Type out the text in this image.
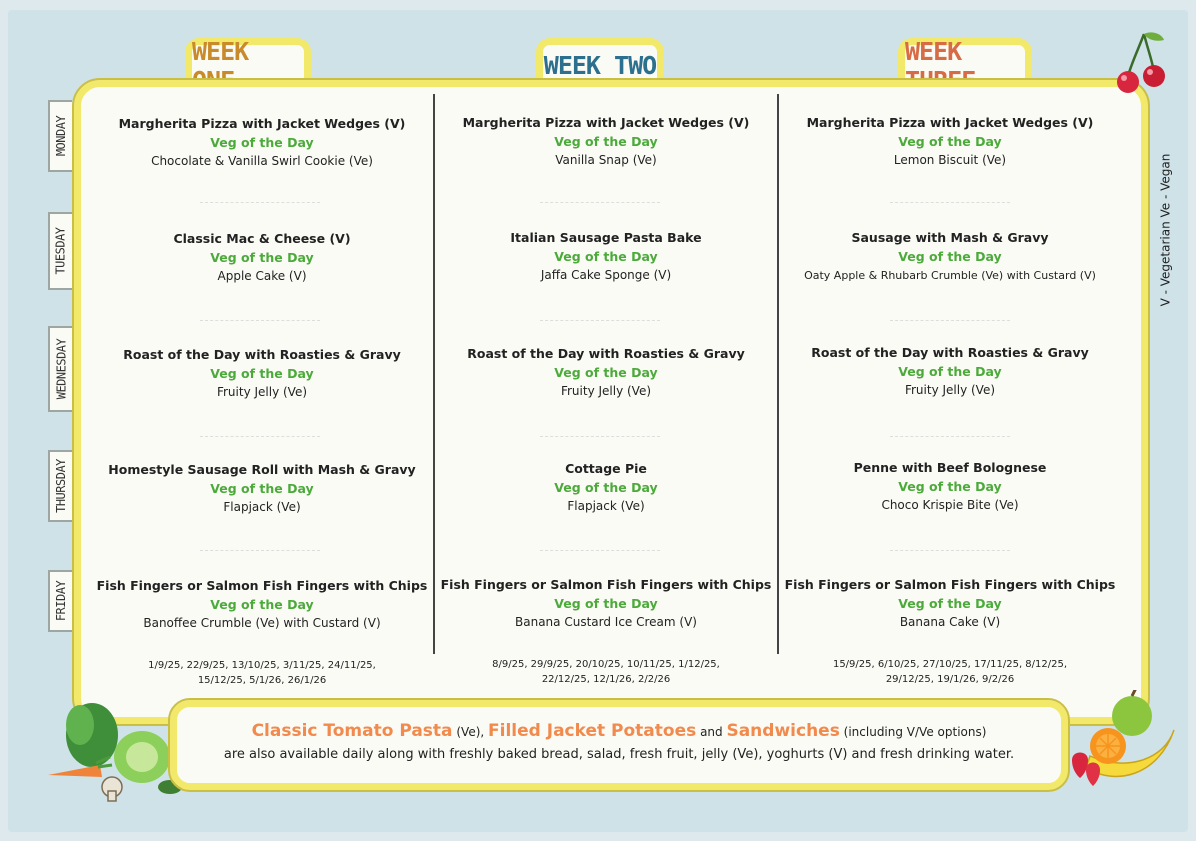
WEEK	WEEK TWO	WEEK
MONDAY
TUESDAY
WEDNESDAY
THURSDAY
FRIDAY
Margherita Pizza with Jacket Wedges (V)
Veg of the Day
Chocolate & Vanilla Swirl Cookie (Ve)
Classic Mac & Cheese (V)
Veg of the Day
Apple Cake (V)
Roast of the Day with Roasties & Gravy
Veg of the Day
Fruity Jelly (Ve)
Homestyle Sausage Roll with Mash & Gravy
Veg of the Day
Flapjack (Ve)
Fish Fingers or Salmon Fish Fingers with Chips
Veg of the Day
Banoffee Crumble (Ve) with Custard (V)
1/9/25, 22/9/25, 13/10/25, 3/11/25, 24/11/25,
15/12/25, 5/1/26, 26/1/26
Margherita Pizza with Jacket Wedges (V)
Veg of the Day
Vanilla Snap (Ve)
Italian Sausage Pasta Bake
Veg of the Day
Jaffa Cake Sponge (V)
Roast of the Day with Roasties & Gravy
Veg of the Day
Fruity Jelly (Ve)
Cottage Pie
Veg of the Day
Flapjack (Ve)
Fish Fingers or Salmon Fish Fingers with Chips
Veg of the Day
Banana Custard Ice Cream (V)
8/9/25, 29/9/25, 20/10/25, 10/11/25, 1/12/25,
22/12/25, 12/1/26, 2/2/26
Margherita Pizza with Jacket Wedges (V)
Veg of the Day
Lemon Biscuit (Ve)
Sausage with Mash & Gravy
Veg of the Day
Oaty Apple & Rhubarb Crumble (Ve) with Custard (V)
Roast of the Day with Roasties & Gravy
Veg of the Day
Fruity Jelly (Ve)
Penne with Beef Bolognese
Veg of the Day
Choco Krispie Bite (Ve)
Fish Fingers or Salmon Fish Fingers with Chips
Veg of the Day
Banana Cake (V)
15/9/25, 6/10/25, 27/10/25, 17/11/25, 8/12/25,
29/12/25, 19/1/26, 9/2/26
V - Vegetarian Ve - Vegan
Classic Tomato Pasta (Ve), Filled Jacket Potatoes and Sandwiches (including V/Ve options)
are also available daily along with freshly baked bread, salad, fresh fruit, jelly (Ve), yoghurts (V) and fresh drinking water.
